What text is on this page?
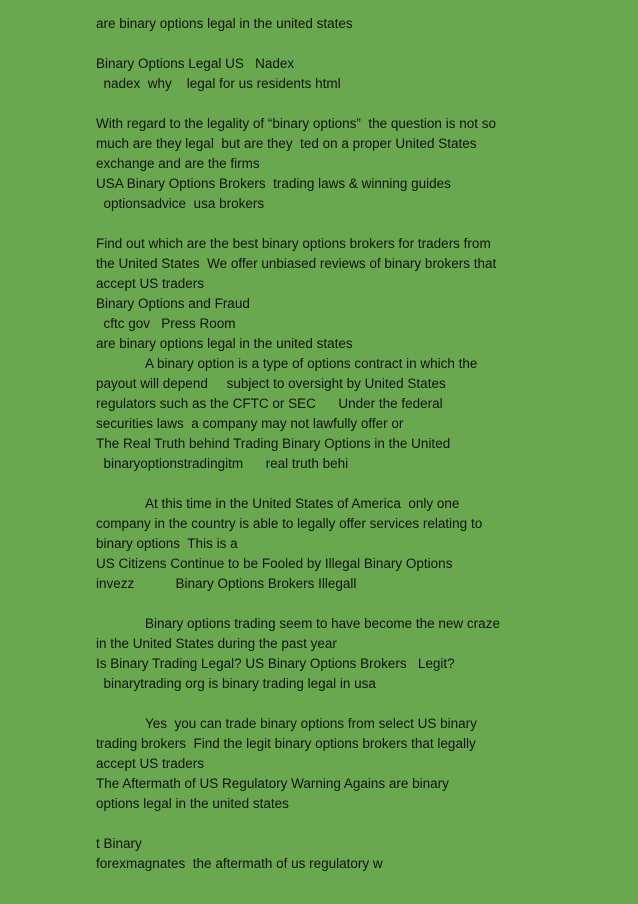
are binary options legal in the united states
Binary Options Legal US   Nadex
nadex  why    legal for us residents html
With regard to the legality of “binary options”  the question is not so
much are they legal  but are they  ted on a proper United States
exchange and are the firms
USA Binary Options Brokers  trading laws & winning guides
optionsadvice  usa brokers
Find out which are the best binary options brokers for traders from
the United States  We offer unbiased reviews of binary brokers that
accept US traders
Binary Options and Fraud
cftc gov   Press Room
are binary options legal in the united states
A binary option is a type of options contract in which the
payout will depend     subject to oversight by United States
regulators such as the CFTC or SEC      Under the federal
securities laws  a company may not lawfully offer or
The Real Truth behind Trading Binary Options in the United
binaryoptionstradingitm      real truth behi
At this time in the United States of America  only one
company in the country is able to legally offer services relating to
binary options  This is a
US Citizens Continue to be Fooled by Illegal Binary Options
invezz           Binary Options Brokers Illegall
Binary options trading seem to have become the new craze
in the United States during the past year
Is Binary Trading Legal? US Binary Options Brokers   Legit?
binarytrading org is binary trading legal in usa
Yes  you can trade binary options from select US binary
trading brokers  Find the legit binary options brokers that legally
accept US traders
The Aftermath of US Regulatory Warning Agains are binary
options legal in the united states
t Binary
forexmagnates  the aftermath of us regulatory w
